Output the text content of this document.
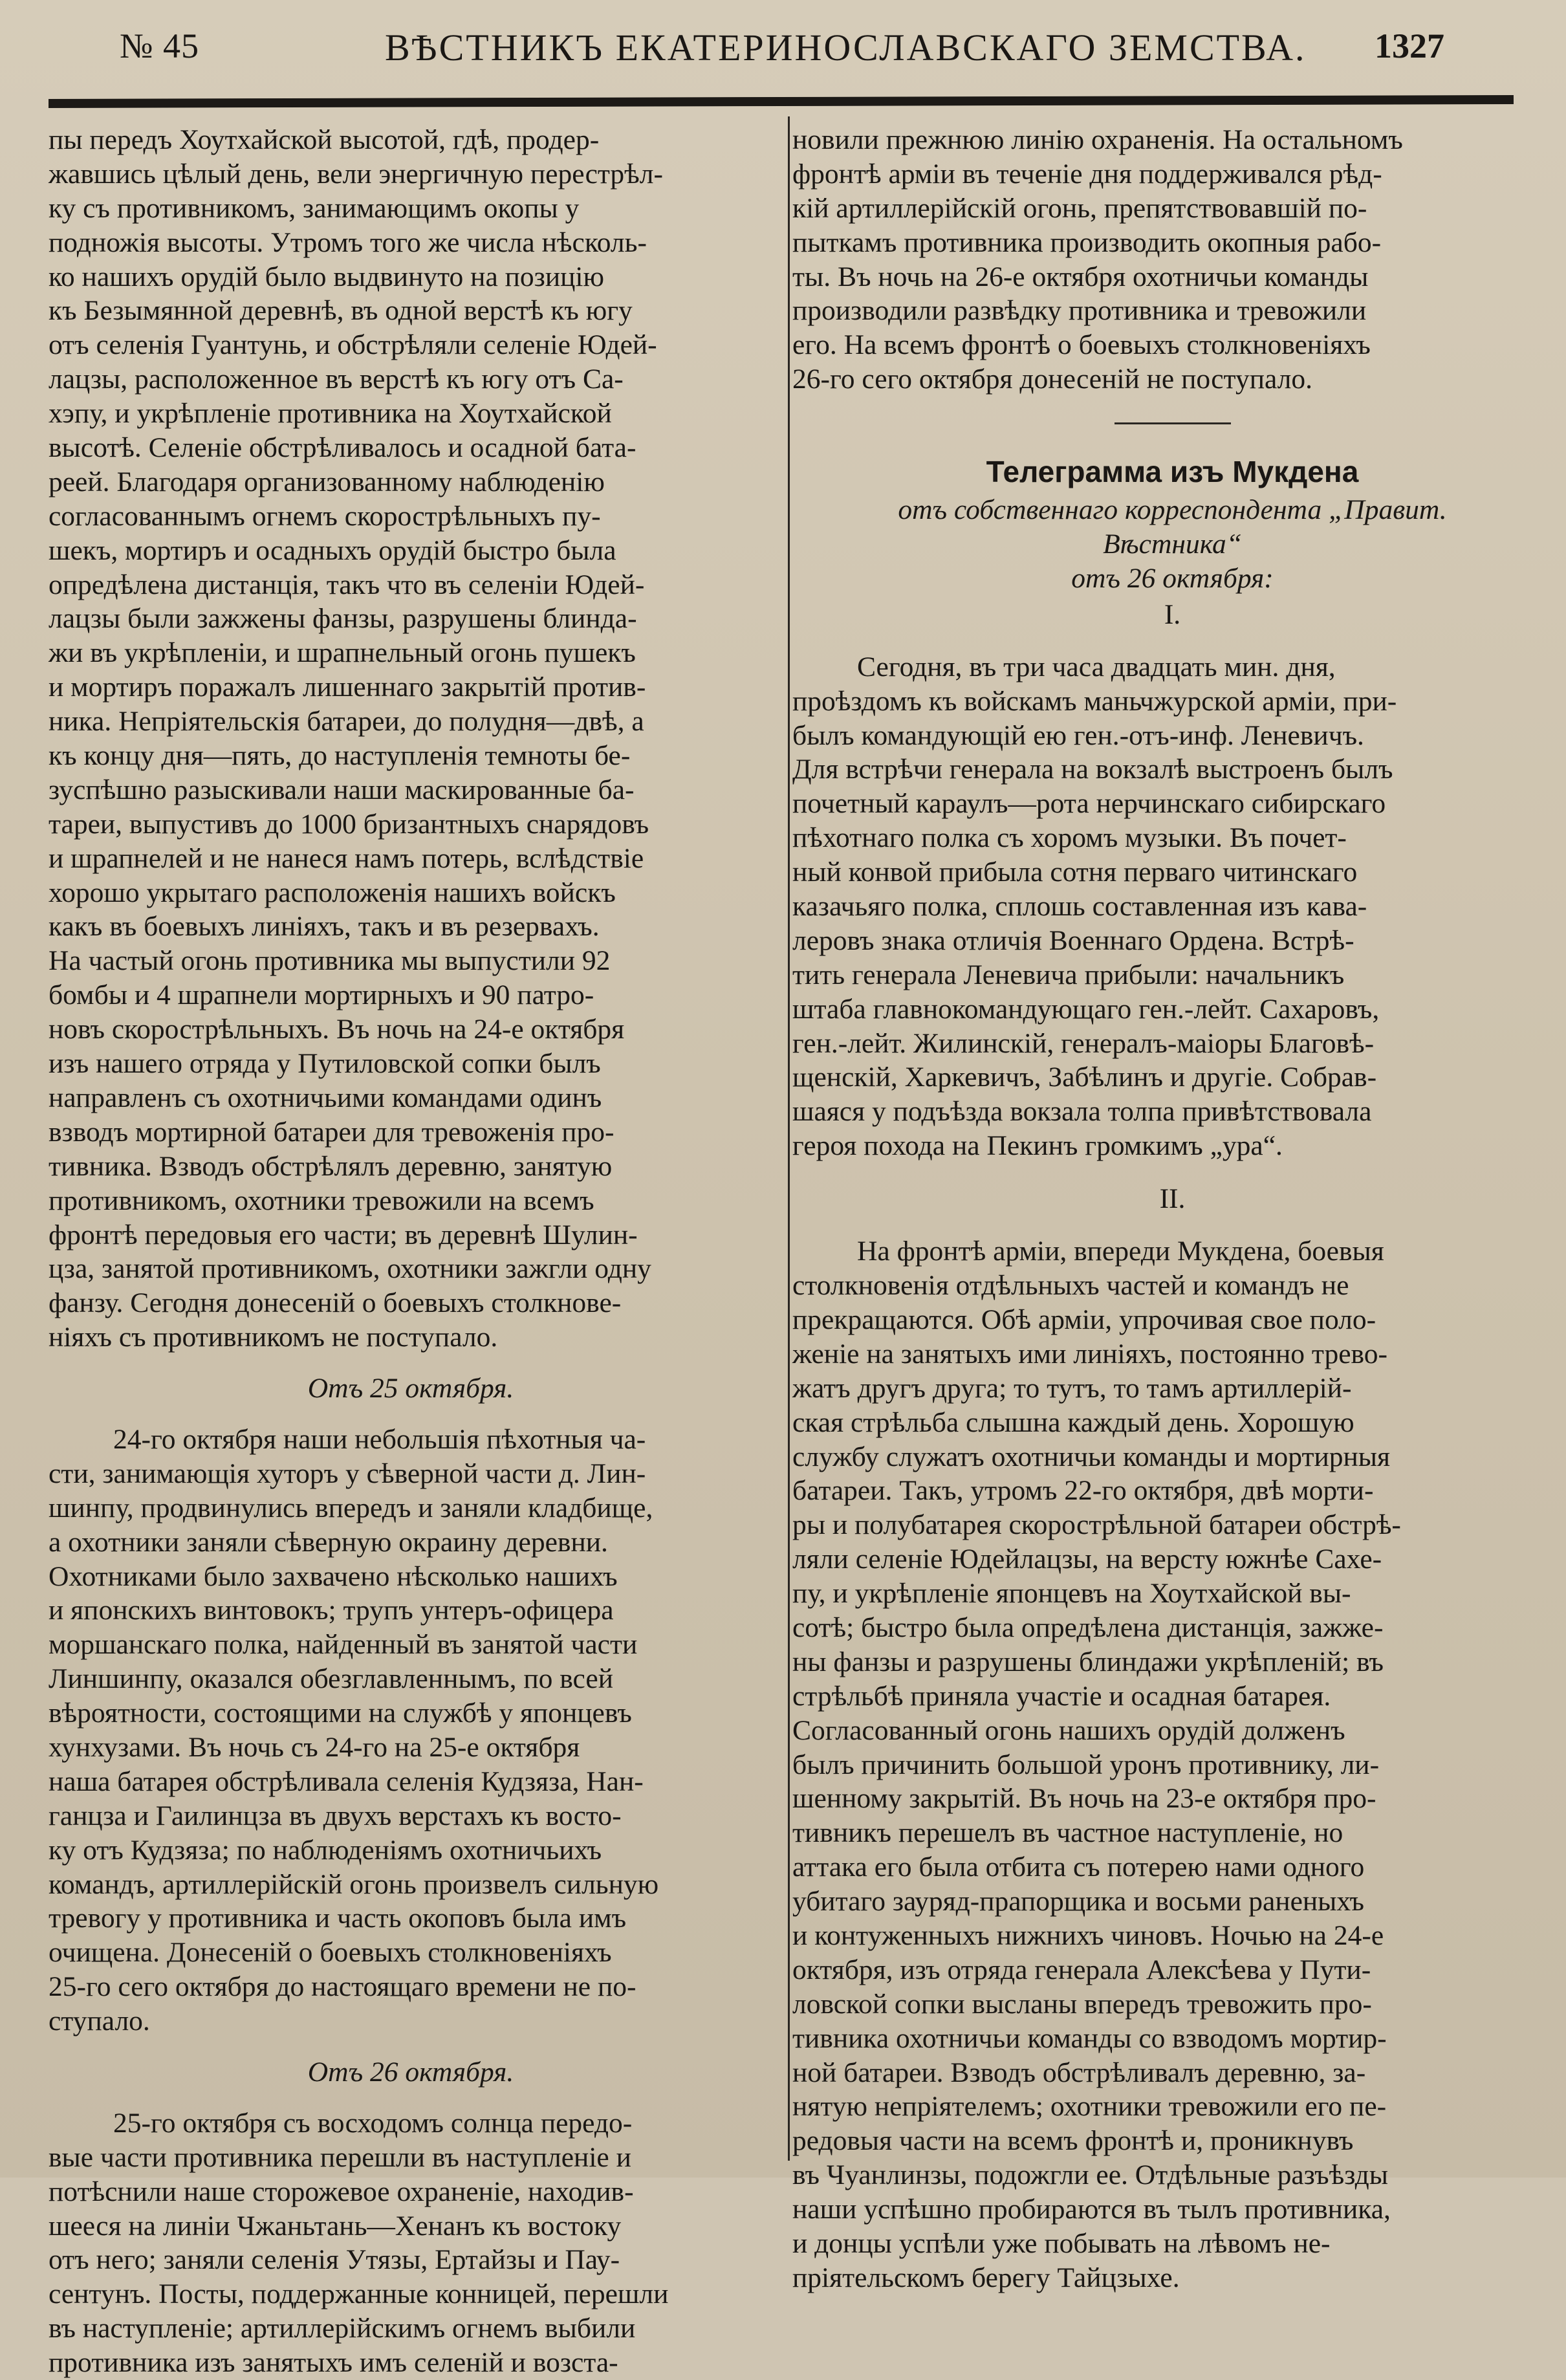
№ 45	ВѢСТНИКЪ ЕКАТЕРИНОСЛАВСКАГО ЗЕМСТВА. 1327
пы передъ Хоутхайской высотой, гдѣ, продер-
жавшись цѣлый день, вели энергичную перестрѣл-
ку съ противникомъ, занимающимъ окопы у
подножія высоты. Утромъ того же числа нѣсколь-
ко нашихъ орудій было выдвинуто на позицію
къ Безымянной деревнѣ, въ одной верстѣ къ югу
отъ селенія Гуантунь, и обстрѣляли селеніе Юдей-
лацзы, расположенное въ верстѣ къ югу отъ Са-
хэпу, и укрѣпленіе противника на Хоутхайской
высотѣ. Селеніе обстрѣливалось и осадной бата-
реей. Благодаря организованному наблюденію
согласованнымъ огнемъ скорострѣльныхъ пу-
шекъ, мортиръ и осадныхъ орудій быстро была
опредѣлена дистанція, такъ что въ селеніи Юдей-
лацзы были зажжены фанзы, разрушены блинда-
жи въ укрѣпленіи, и шрапнельный огонь пушекъ
и мортиръ поражалъ лишеннаго закрытій против-
ника. Непріятельскія батареи, до полудня—двѣ, а
къ концу дня—пять, до наступленія темноты бе-
зуспѣшно разыскивали наши маскированные ба-
тареи, выпустивъ до 1000 бризантныхъ снарядовъ
и шрапнелей и не нанеся намъ потерь, вслѣдствіе
хорошо укрытаго расположенія нашихъ войскъ
какъ въ боевыхъ линіяхъ, такъ и въ резервахъ.
На частый огонь противника мы выпустили 92
бомбы и 4 шрапнели мортирныхъ и 90 патро-
новъ скорострѣльныхъ. Въ ночь на 24-е октября
изъ нашего отряда у Путиловской сопки былъ
направленъ съ охотничьими командами одинъ
взводъ мортирной батареи для тревоженія про-
тивника. Взводъ обстрѣлялъ деревню, занятую
противникомъ, охотники тревожили на всемъ
фронтѣ передовыя его части; въ деревнѣ Шулин-
цза, занятой противникомъ, охотники зажгли одну
фанзу. Сегодня донесеній о боевыхъ столкнове-
ніяхъ съ противникомъ не поступало.
Отъ 25 октября.
24-го октября наши небольшія пѣхотныя ча-
сти, занимающія хуторъ у сѣверной части д. Лин-
шинпу, продвинулись впередъ и заняли кладбище,
а охотники заняли сѣверную окраину деревни.
Охотниками было захвачено нѣсколько нашихъ
и японскихъ винтовокъ; трупъ унтеръ-офицера
моршанскаго полка, найденный въ занятой части
Линшинпу, оказался обезглавленнымъ, по всей
вѣроятности, состоящими на службѣ у японцевъ
хунхузами. Въ ночь съ 24-го на 25-е октября
наша батарея обстрѣливала селенія Кудзяза, Нан-
ганцза и Гаилинцза въ двухъ верстахъ къ восто-
ку отъ Кудзяза; по наблюденіямъ охотничьихъ
командъ, артиллерійскій огонь произвелъ сильную
тревогу у противника и часть окоповъ была имъ
очищена. Донесеній о боевыхъ столкновеніяхъ
25-го сего октября до настоящаго времени не по-
ступало.
Отъ 26 октября.
25-го октября съ восходомъ солнца передо-
вые части противника перешли въ наступленіе и
потѣснили наше сторожевое охраненіе, находив-
шееся на линіи Чжаньтань—Хенанъ къ востоку
отъ него; заняли селенія Утязы, Ертайзы и Пау-
сентунъ. Посты, поддержанные конницей, перешли
въ наступленіе; артиллерійскимъ огнемъ выбили
противника изъ занятыхъ имъ селеній и возста-
новили прежнюю линію охраненія. На остальномъ
фронтѣ арміи въ теченіе дня поддерживался рѣд-
кій артиллерійскій огонь, препятствовавшій по-
пыткамъ противника производить окопныя рабо-
ты. Въ ночь на 26-е октября охотничьи команды
производили развѣдку противника и тревожили
его. На всемъ фронтѣ о боевыхъ столкновеніяхъ
26-го сего октября донесеній не поступало.
Телеграмма изъ Мукдена
отъ собственнаго корреспондента „Правит.
Вѣстника“
отъ 26 октября:
I.
Сегодня, въ три часа двадцать мин. дня,
проѣздомъ къ войскамъ маньчжурской арміи, при-
былъ командующій ею ген.-отъ-инф. Леневичъ.
Для встрѣчи генерала на вокзалѣ выстроенъ былъ
почетный караулъ—рота нерчинскаго сибирскаго
пѣхотнаго полка съ хоромъ музыки. Въ почет-
ный конвой прибыла сотня перваго читинскаго
казачьяго полка, сплошь составленная изъ кава-
леровъ знака отличія Военнаго Ордена. Встрѣ-
тить генерала Леневича прибыли: начальникъ
штаба главнокомандующаго ген.-лейт. Сахаровъ,
ген.-лейт. Жилинскій, генералъ-маіоры Благовѣ-
щенскій, Харкевичъ, Забѣлинъ и другіе. Собрав-
шаяся у подъѣзда вокзала толпа привѣтствовала
героя похода на Пекинъ громкимъ „ура“.
II.
На фронтѣ арміи, впереди Мукдена, боевыя
столкновенія отдѣльныхъ частей и командъ не
прекращаются. Обѣ арміи, упрочивая свое поло-
женіе на занятыхъ ими линіяхъ, постоянно трево-
жатъ другъ друга; то тутъ, то тамъ артиллерій-
ская стрѣльба слышна каждый день. Хорошую
службу служатъ охотничьи команды и мортирныя
батареи. Такъ, утромъ 22-го октября, двѣ морти-
ры и полубатарея скорострѣльной батареи обстрѣ-
ляли селеніе Юдейлацзы, на версту южнѣе Сахе-
пу, и укрѣпленіе японцевъ на Хоутхайской вы-
сотѣ; быстро была опредѣлена дистанція, зажже-
ны фанзы и разрушены блиндажи укрѣпленій; въ
стрѣльбѣ приняла участіе и осадная батарея.
Согласованный огонь нашихъ орудій долженъ
былъ причинить большой уронъ противнику, ли-
шенному закрытій. Въ ночь на 23-е октября про-
тивникъ перешелъ въ частное наступленіе, но
аттака его была отбита съ потерею нами одного
убитаго зауряд-прапорщика и восьми раненыхъ
и контуженныхъ нижнихъ чиновъ. Ночью на 24-е
октября, изъ отряда генерала Алексѣева у Пути-
ловской сопки высланы впередъ тревожить про-
тивника охотничьи команды со взводомъ мортир-
ной батареи. Взводъ обстрѣливалъ деревню, за-
нятую непріятелемъ; охотники тревожили его пе-
редовыя части на всемъ фронтѣ и, проникнувъ
въ Чуанлинзы, подожгли ее. Отдѣльные разъѣзды
наши успѣшно пробираются въ тылъ противника,
и донцы успѣли уже побывать на лѣвомъ не-
пріятельскомъ берегу Тайцзыхе.
